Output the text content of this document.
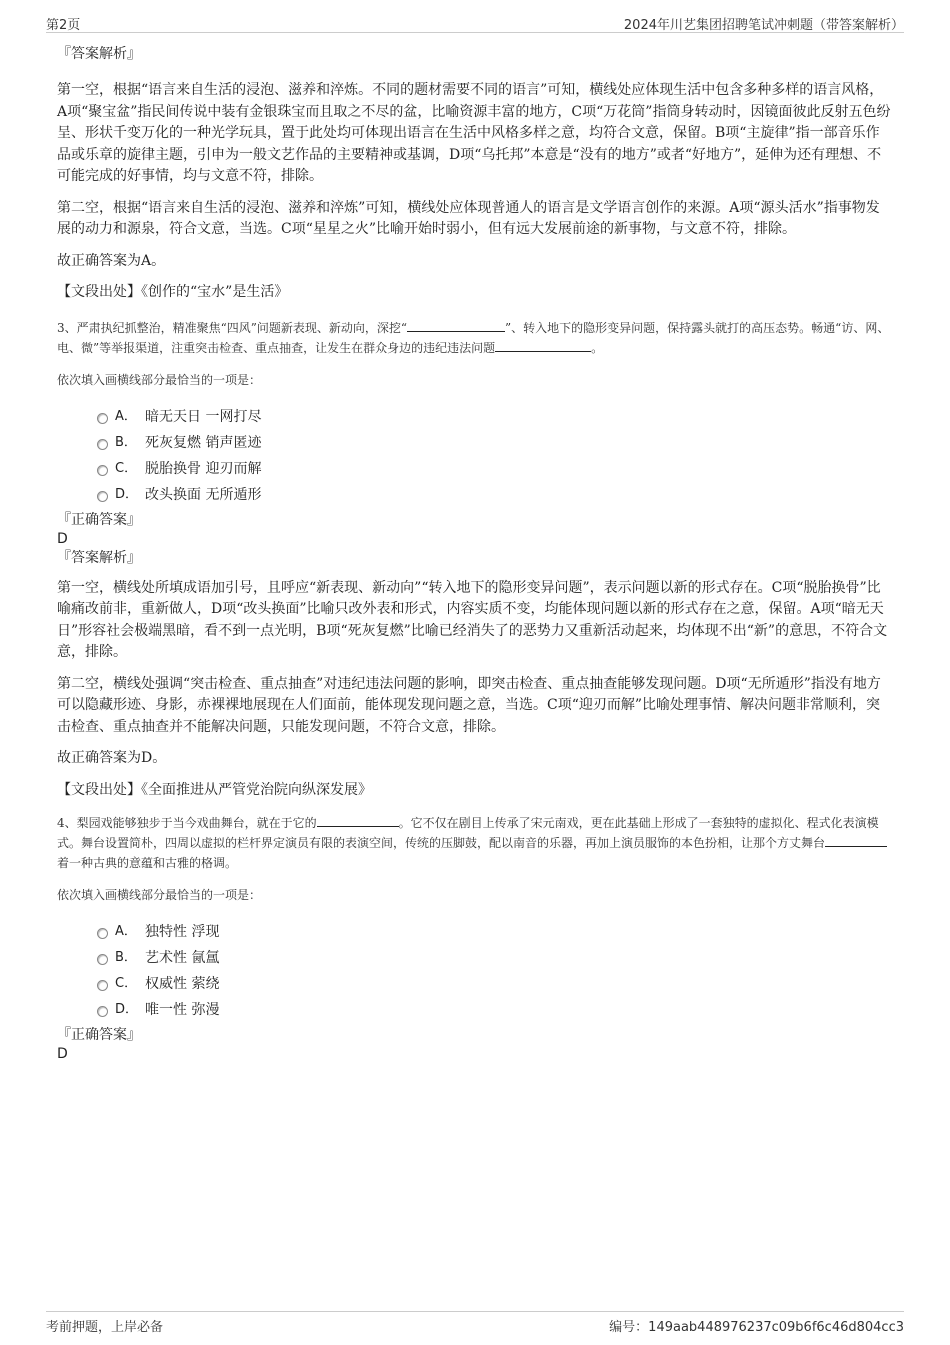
第2页	2024年川艺集团招聘笔试冲刺题（带答案解析）

『答案解析』

第一空，根据“语言来自生活的浸泡、滋养和淬炼。不同的题材需要不同的语言”可知，横线处应体现生活中包含多种多样的语言风格，A项“聚宝盆”指民间传说中装有金银珠宝而且取之不尽的盆，比喻资源丰富的地方，C项“万花筒”指筒身转动时，因镜面彼此反射五色纷呈、形状千变万化的一种光学玩具，置于此处均可体现出语言在生活中风格多样之意，均符合文意，保留。B项“主旋律”指一部音乐作品或乐章的旋律主题，引申为一般文艺作品的主要精神或基调，D项“乌托邦”本意是“没有的地方”或者“好地方”，延伸为还有理想、不可能完成的好事情，均与文意不符，排除。

第二空，根据“语言来自生活的浸泡、滋养和淬炼”可知，横线处应体现普通人的语言是文学语言创作的来源。A项“源头活水”指事物发展的动力和源泉，符合文意，当选。C项“星星之火”比喻开始时弱小，但有远大发展前途的新事物，与文意不符，排除。

故正确答案为A。

【文段出处】《创作的“宝水”是生活》

3、严肃执纪抓整治，精准聚焦“四风”问题新表现、新动向，深挖“	”、转入地下的隐形变异问题，保持露头就打的高压态势。畅通“访、网、电、微”等举报渠道，注重突击检查、重点抽查，让发生在群众身边的违纪违法问题	。

依次填入画横线部分最恰当的一项是：

A． 暗无天日 一网打尽
B． 死灰复燃 销声匿迹
C． 脱胎换骨 迎刃而解
D． 改头换面 无所遁形

『正确答案』

D

『答案解析』

第一空，横线处所填成语加引号，且呼应“新表现、新动向”“转入地下的隐形变异问题”，表示问题以新的形式存在。C项“脱胎换骨”比喻痛改前非，重新做人，D项“改头换面”比喻只改外表和形式，内容实质不变，均能体现问题以新的形式存在之意，保留。A项“暗无天日”形容社会极端黑暗，看不到一点光明，B项“死灰复燃”比喻已经消失了的恶势力又重新活动起来，均体现不出“新”的意思，不符合文意，排除。

第二空，横线处强调“突击检查、重点抽查”对违纪违法问题的影响，即突击检查、重点抽查能够发现问题。D项“无所遁形”指没有地方可以隐藏形迹、身影，赤裸裸地展现在人们面前，能体现发现问题之意，当选。C项“迎刃而解”比喻处理事情、解决问题非常顺利，突击检查、重点抽查并不能解决问题，只能发现问题，不符合文意，排除。

故正确答案为D。

【文段出处】《全面推进从严管党治院向纵深发展》

4、梨园戏能够独步于当今戏曲舞台，就在于它的	。它不仅在剧目上传承了宋元南戏，更在此基础上形成了一套独特的虚拟化、程式化表演模式。舞台设置简朴，四周以虚拟的栏杆界定演员有限的表演空间，传统的压脚鼓，配以南音的乐器，再加上演员服饰的本色扮相，让那个方丈舞台着一种古典的意蕴和古雅的格调。

依次填入画横线部分最恰当的一项是：

A． 独特性 浮现
B． 艺术性 氤氲
C． 权威性 萦绕
D． 唯一性 弥漫

『正确答案』

D

考前押题，上岸必备	编号：149aab448976237c09b6f6c46d804cc3
